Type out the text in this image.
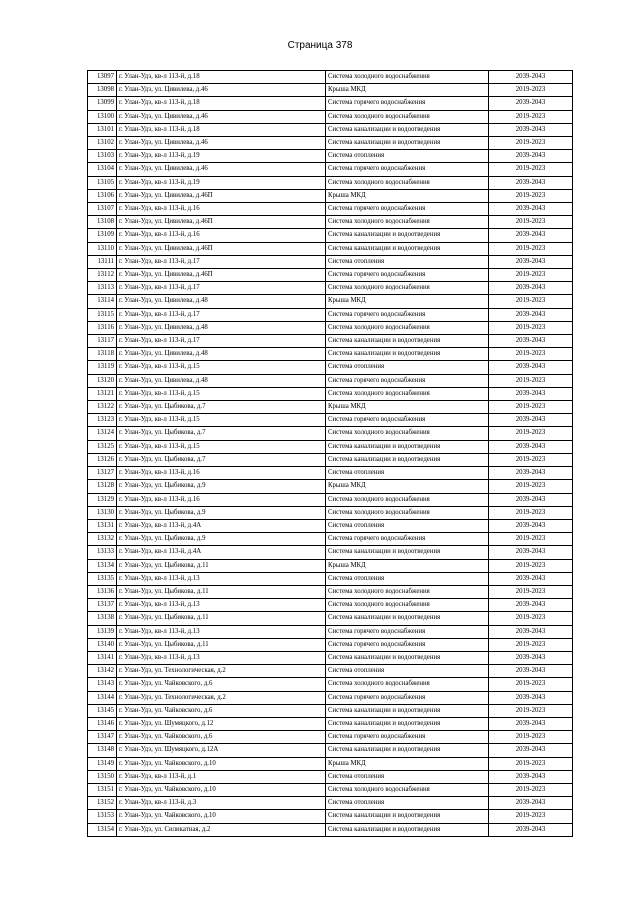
Страница 378
13097	г. Улан-Удэ, кв-л 113-й, д.18	Система холодного водоснабжения	2039-2043
13098	г. Улан-Удэ, ул. Цивилева, д.46	Крыша МКД	2019-2023
13099	г. Улан-Удэ, кв-л 113-й, д.18	Система горячего водоснабжения	2039-2043
13100	г. Улан-Удэ, ул. Цивилева, д.46	Система холодного водоснабжения	2019-2023
13101	г. Улан-Удэ, кв-л 113-й, д.18	Система канализации и водоотведения	2039-2043
13102	г. Улан-Удэ, ул. Цивилева, д.46	Система канализации и водоотведения	2019-2023
13103	г. Улан-Удэ, кв-л 113-й, д.19	Система отопления	2039-2043
13104	г. Улан-Удэ, ул. Цивилева, д.46	Система горячего водоснабжения	2019-2023
13105	г. Улан-Удэ, кв-л 113-й, д.19	Система холодного водоснабжения	2039-2043
13106	г. Улан-Удэ, ул. Цивилева, д.46П	Крыша МКД	2019-2023
13107	г. Улан-Удэ, кв-л 113-й, д.16	Система горячего водоснабжения	2039-2043
13108	г. Улан-Удэ, ул. Цивилева, д.46П	Система холодного водоснабжения	2019-2023
13109	г. Улан-Удэ, кв-л 113-й, д.16	Система канализации и водоотведения	2039-2043
13110	г. Улан-Удэ, ул. Цивилева, д.46П	Система канализации и водоотведения	2019-2023
13111	г. Улан-Удэ, кв-л 113-й, д.17	Система отопления	2039-2043
13112	г. Улан-Удэ, ул. Цивилева, д.46П	Система горячего водоснабжения	2019-2023
13113	г. Улан-Удэ, кв-л 113-й, д.17	Система холодного водоснабжения	2039-2043
13114	г. Улан-Удэ, ул. Цивилева, д.48	Крыша МКД	2019-2023
13115	г. Улан-Удэ, кв-л 113-й, д.17	Система горячего водоснабжения	2039-2043
13116	г. Улан-Удэ, ул. Цивилева, д.48	Система холодного водоснабжения	2019-2023
13117	г. Улан-Удэ, кв-л 113-й, д.17	Система канализации и водоотведения	2039-2043
13118	г. Улан-Удэ, ул. Цивилева, д.48	Система канализации и водоотведения	2019-2023
13119	г. Улан-Удэ, кв-л 113-й, д.15	Система отопления	2039-2043
13120	г. Улан-Удэ, ул. Цивилева, д.48	Система горячего водоснабжения	2019-2023
13121	г. Улан-Удэ, кв-л 113-й, д.15	Система холодного водоснабжения	2039-2043
13122	г. Улан-Удэ, ул. Цыбикова, д.7	Крыша МКД	2019-2023
13123	г. Улан-Удэ, кв-л 113-й, д.15	Система горячего водоснабжения	2039-2043
13124	г. Улан-Удэ, ул. Цыбикова, д.7	Система холодного водоснабжения	2019-2023
13125	г. Улан-Удэ, кв-л 113-й, д.15	Система канализации и водоотведения	2039-2043
13126	г. Улан-Удэ, ул. Цыбикова, д.7	Система канализации и водоотведения	2019-2023
13127	г. Улан-Удэ, кв-л 113-й, д.16	Система отопления	2039-2043
13128	г. Улан-Удэ, ул. Цыбикова, д.9	Крыша МКД	2019-2023
13129	г. Улан-Удэ, кв-л 113-й, д.16	Система холодного водоснабжения	2039-2043
13130	г. Улан-Удэ, ул. Цыбикова, д.9	Система холодного водоснабжения	2019-2023
13131	г. Улан-Удэ, кв-л 113-й, д.4А	Система отопления	2039-2043
13132	г. Улан-Удэ, ул. Цыбикова, д.9	Система горячего водоснабжения	2019-2023
13133	г. Улан-Удэ, кв-л 113-й, д.4А	Система канализации и водоотведения	2039-2043
13134	г. Улан-Удэ, ул. Цыбикова, д.11	Крыша МКД	2019-2023
13135	г. Улан-Удэ, кв-л 113-й, д.13	Система отопления	2039-2043
13136	г. Улан-Удэ, ул. Цыбикова, д.11	Система холодного водоснабжения	2019-2023
13137	г. Улан-Удэ, кв-л 113-й, д.13	Система холодного водоснабжения	2039-2043
13138	г. Улан-Удэ, ул. Цыбикова, д.11	Система канализации и водоотведения	2019-2023
13139	г. Улан-Удэ, кв-л 113-й, д.13	Система горячего водоснабжения	2039-2043
13140	г. Улан-Удэ, ул. Цыбикова, д.11	Система горячего водоснабжения	2019-2023
13141	г. Улан-Удэ, кв-л 113-й, д.13	Система канализации и водоотведения	2039-2043
13142	г. Улан-Удэ, ул. Технологическая, д.2	Система отопления	2039-2043
13143	г. Улан-Удэ, ул. Чайковского, д.6	Система холодного водоснабжения	2019-2023
13144	г. Улан-Удэ, ул. Технологическая, д.2	Система горячего водоснабжения	2039-2043
13145	г. Улан-Удэ, ул. Чайковского, д.6	Система канализации и водоотведения	2019-2023
13146	г. Улан-Удэ, ул. Шумяцкого, д.12	Система канализации и водоотведения	2039-2043
13147	г. Улан-Удэ, ул. Чайковского, д.6	Система горячего водоснабжения	2019-2023
13148	г. Улан-Удэ, ул. Шумяцкого, д.12А	Система канализации и водоотведения	2039-2043
13149	г. Улан-Удэ, ул. Чайковского, д.10	Крыша МКД	2019-2023
13150	г. Улан-Удэ, кв-л 113-й, д.1	Система отопления	2039-2043
13151	г. Улан-Удэ, ул. Чайковского, д.10	Система холодного водоснабжения	2019-2023
13152	г. Улан-Удэ, кв-л 113-й, д.3	Система отопления	2039-2043
13153	г. Улан-Удэ, ул. Чайковского, д.10	Система канализации и водоотведения	2019-2023
13154	г. Улан-Удэ, ул. Силикатная, д.2	Система канализации и водоотведения	2039-2043
